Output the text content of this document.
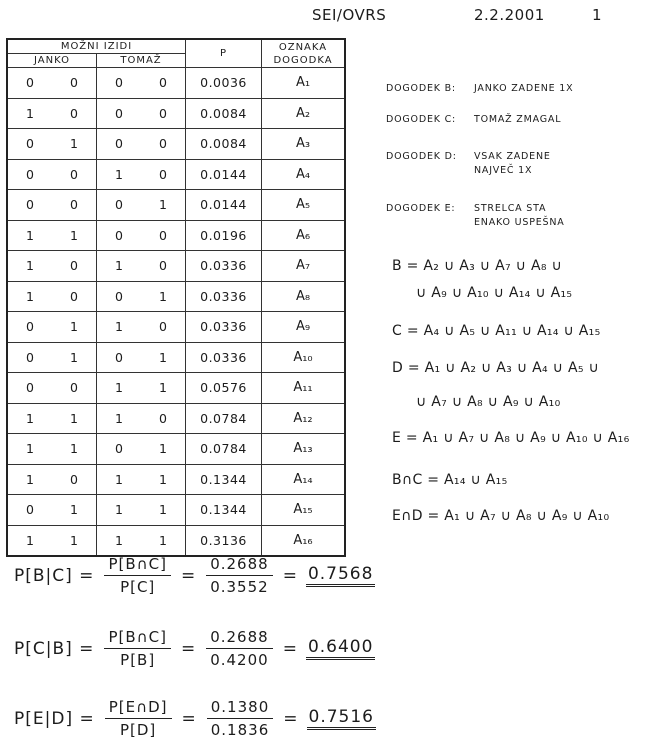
SEI/OVRS	2.2.2001	1
MOŽNI IZIDI				P	OZNAKA DOGODKA
JANKO		TOMAŽ			
0	0	0	0	0.0036	A₁
1	0	0	0	0.0084	A₂
0	1	0	0	0.0084	A₃
0	0	1	0	0.0144	A₄
0	0	0	1	0.0144	A₅
1	1	0	0	0.0196	A₆
1	0	1	0	0.0336	A₇
1	0	0	1	0.0336	A₈
0	1	1	0	0.0336	A₉
0	1	0	1	0.0336	A₁₀
0	0	1	1	0.0576	A₁₁
1	1	1	0	0.0784	A₁₂
1	1	0	1	0.0784	A₁₃
1	0	1	1	0.1344	A₁₄
0	1	1	1	0.1344	A₁₅
1	1	1	1	0.3136	A₁₆
DOGODEK B: JANKO ZADENE 1X
DOGODEK C: TOMAŽ ZMAGAL
DOGODEK D: VSAK ZADENE NAJVEČ 1X
DOGODEK E: STRELCA STA ENAKO USPEŠNA
B = A₂ ∪ A₃ ∪ A₇ ∪ A₈ ∪
∪ A₉ ∪ A₁₀ ∪ A₁₄ ∪ A₁₅
C = A₄ ∪ A₅ ∪ A₁₁ ∪ A₁₄ ∪ A₁₅
D = A₁ ∪ A₂ ∪ A₃ ∪ A₄ ∪ A₅ ∪
∪ A₇ ∪ A₈ ∪ A₉ ∪ A₁₀
E = A₁ ∪ A₇ ∪ A₈ ∪ A₉ ∪ A₁₀ ∪ A₁₆
B∩C = A₁₄ ∪ A₁₅
E∩D = A₁ ∪ A₇ ∪ A₈ ∪ A₉ ∪ A₁₀
$P[B|C] = \frac{P[B\cap C]}{P[C]} = \frac{0.2688}{0.3552} = 0.7568$
$P[C|B] = \frac{P[B\cap C]}{P[B]} = \frac{0.2688}{0.4200} = 0.6400$
$P[E|D] = \frac{P[E\cap D]}{P[D]} = \frac{0.1380}{0.1836} = 0.7516$
